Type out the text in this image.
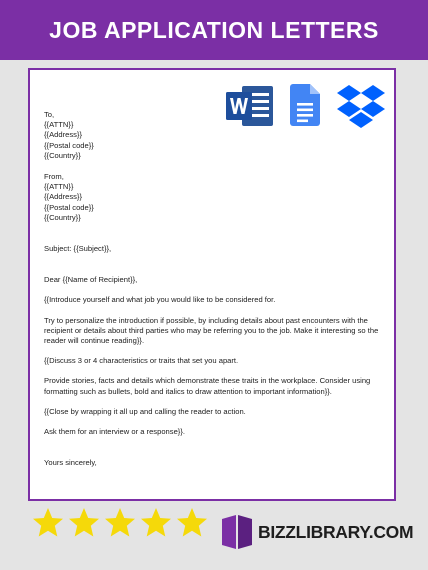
JOB APPLICATION LETTERS
To,
{{ATTN}}
{{Address}}
{{Postal code}}
{{Country}}
From,
{{ATTN}}
{{Address}}
{{Postal code}}
{{Country}}
Subject: {{Subject}},
Dear {{Name of Recipient}},
{{Introduce yourself and what job you would like to be considered for.
Try to personalize the introduction if possible, by including details about past encounters with the recipient or details about third parties who may be referring you to the job. Make it interesting so the reader will continue reading}}.
{{Discuss 3 or 4 characteristics or traits that set you apart.
Provide stories, facts and details which demonstrate these traits in the workplace. Consider using formatting such as bullets, bold and italics to draw attention to important information}}.
{{Close by wrapping it all up and calling the reader to action.
Ask them for an interview or a response}}.
Yours sincerely,
BIZZLIBRARY.COM
